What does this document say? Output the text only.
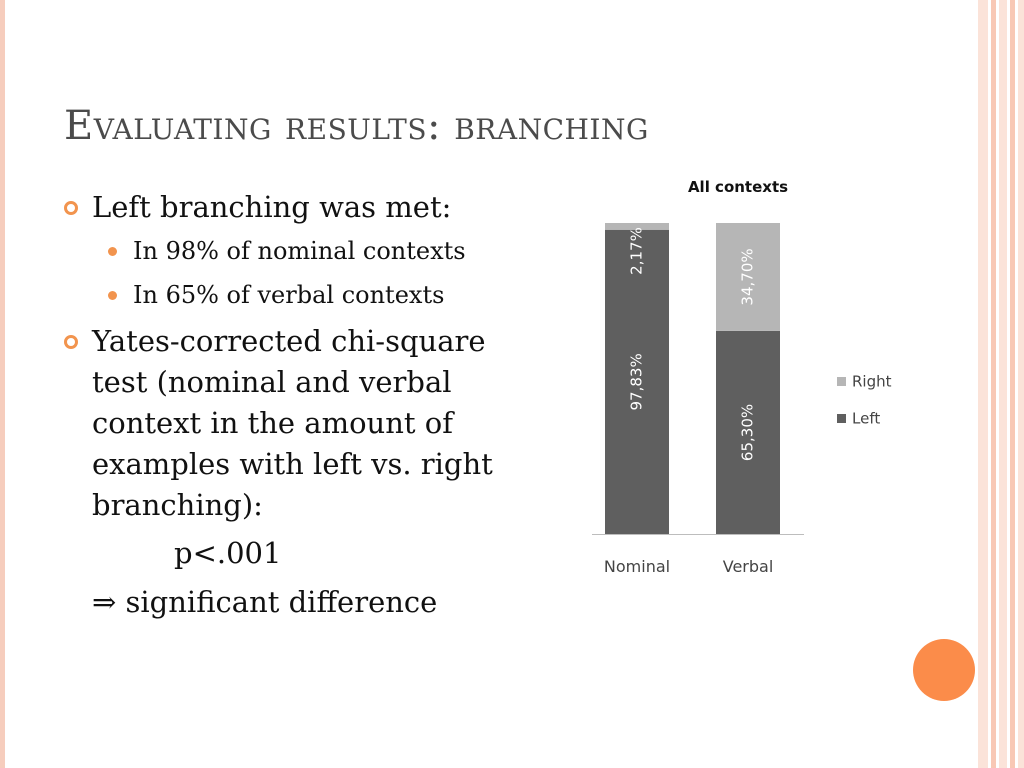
Evaluating results: branching
Left branching was met:
In 98% of nominal contexts
In 65% of verbal contexts
Yates-corrected chi-square test (nominal and verbal context in the amount of examples with left vs. right branching):
p<.001
⇒ significant difference
All contexts
97,83%
2,17%
Nominal
65,30%
34,70%
Verbal
Right
Left
